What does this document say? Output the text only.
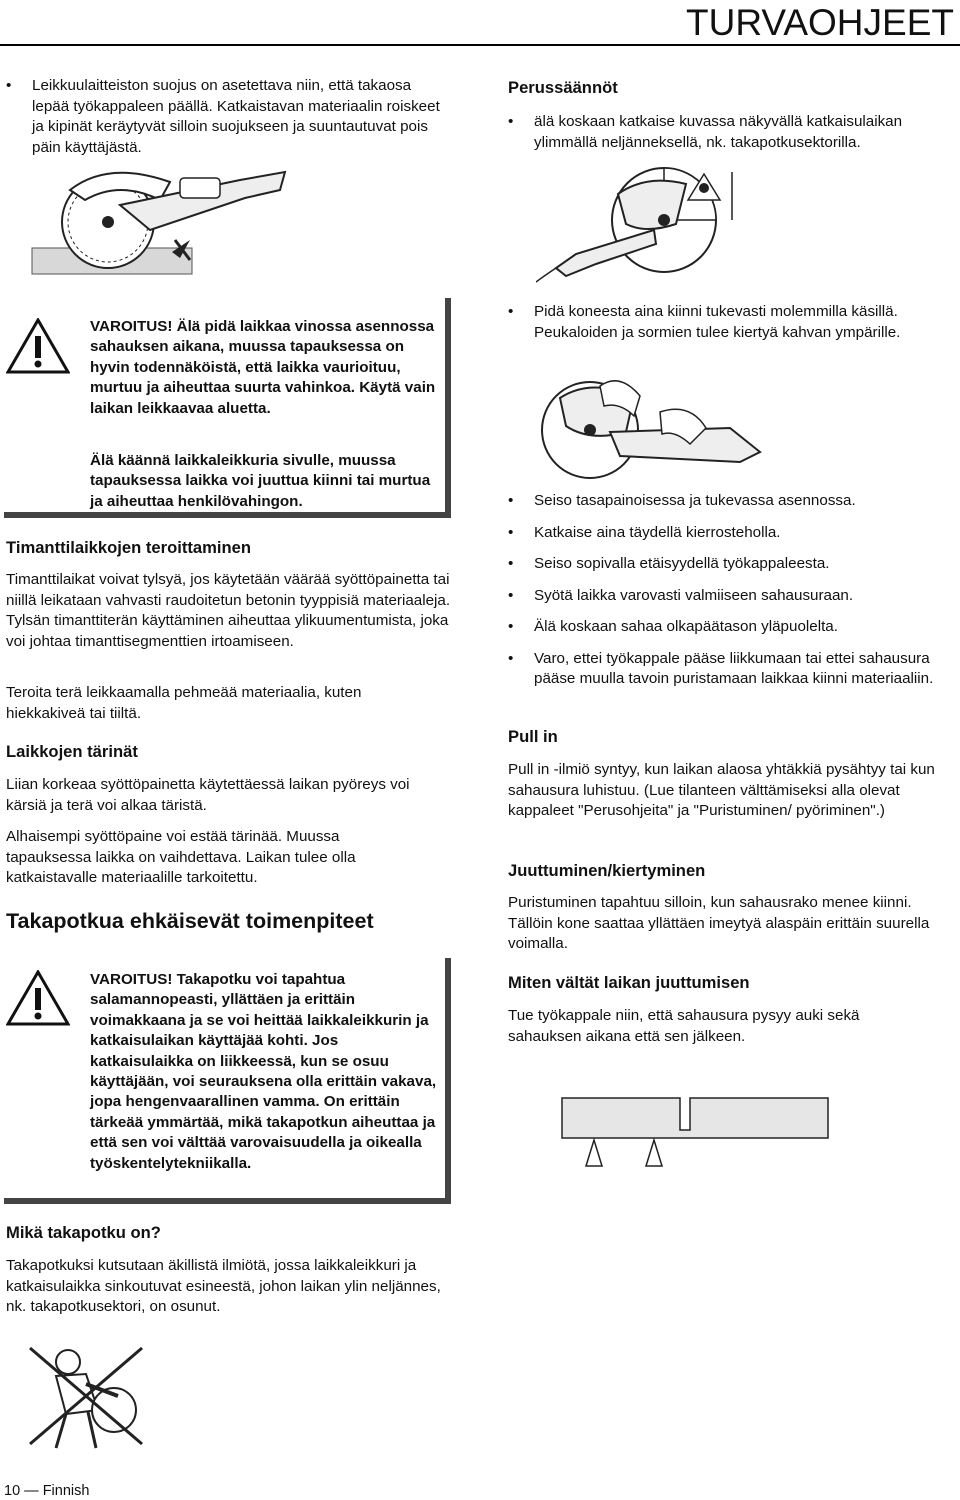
TURVAOHJEET
• Leikkuulaitteiston suojus on asetettava niin, että takaosa lepää työkappaleen päällä. Katkaistavan materiaalin roiskeet ja kipinät keräytyvät silloin suojukseen ja suuntautuvat pois päin käyttäjästä.

VAROITUS! Älä pidä laikkaa vinossa asennossa sahauksen aikana, muussa tapauksessa on hyvin todennäköistä, että laikka vaurioituu, murtuu ja aiheuttaa suurta vahinkoa. Käytä vain laikan leikkaavaa aluetta.

Älä käännä laikkaleikkuria sivulle, muussa tapauksessa laikka voi juuttua kiinni tai murtua ja aiheuttaa henkilövahingon.

Timanttilaikkojen teroittaminen

Timanttilaikat voivat tylsyä, jos käytetään väärää syöttöpainetta tai niillä leikataan vahvasti raudoitetun betonin tyyppisiä materiaaleja. Tylsän timanttiterän käyttäminen aiheuttaa ylikuumentumista, joka voi johtaa timanttisegmenttien irtoamiseen.

Teroita terä leikkaamalla pehmeää materiaalia, kuten hiekkakiveä tai tiiltä.

Laikkojen tärinät

Liian korkeaa syöttöpainetta käytettäessä laikan pyöreys voi kärsiä ja terä voi alkaa täristä.

Alhaisempi syöttöpaine voi estää tärinää. Muussa tapauksessa laikka on vaihdettava. Laikan tulee olla katkaistavalle materiaalille tarkoitettu.

Takapotkua ehkäisevät toimenpiteet

VAROITUS! Takapotku voi tapahtua salamannopeasti, yllättäen ja erittäin voimakkaana ja se voi heittää laikkaleikkurin ja katkaisulaikan käyttäjää kohti. Jos katkaisulaikka on liikkeessä, kun se osuu käyttäjään, voi seurauksena olla erittäin vakava, jopa hengenvaarallinen vamma. On erittäin tärkeää ymmärtää, mikä takapotkun aiheuttaa ja että sen voi välttää varovaisuudella ja oikealla työskentelytekniikalla.

Mikä takapotku on?

Takapotkuksi kutsutaan äkillistä ilmiötä, jossa laikkaleikkuri ja katkaisulaikka sinkoutuvat esineestä, johon laikan ylin neljännes, nk. takapotkusektori, on osunut.

Perussäännöt
• älä koskaan katkaise kuvassa näkyvällä katkaisulaikan ylimmällä neljänneksellä, nk. takapotkusektorilla.
• Pidä koneesta aina kiinni tukevasti molemmilla käsillä. Peukaloiden ja sormien tulee kiertyä kahvan ympärille.
• Seiso tasapainoisessa ja tukevassa asennossa.
• Katkaise aina täydellä kierrosteholla.
• Seiso sopivalla etäisyydellä työkappaleesta.
• Syötä laikka varovasti valmiiseen sahausuraan.
• Älä koskaan sahaa olkapäätason yläpuolelta.
• Varo, ettei työkappale pääse liikkumaan tai ettei sahausura pääse muulla tavoin puristamaan laikkaa kiinni materiaaliin.
Pull in

Pull in -ilmiö syntyy, kun laikan alaosa yhtäkkiä pysähtyy tai kun sahausura luhistuu. (Lue tilanteen välttämiseksi alla olevat kappaleet "Perusohjeita" ja "Puristuminen/ pyöriminen".)

Juuttuminen/kiertyminen

Puristuminen tapahtuu silloin, kun sahausrako menee kiinni. Tällöin kone saattaa yllättäen imeytyä alaspäin erittäin suurella voimalla.

Miten vältät laikan juuttumisen

Tue työkappale niin, että sahausura pysyy auki sekä sahauksen aikana että sen jälkeen.

10 — Finnish
